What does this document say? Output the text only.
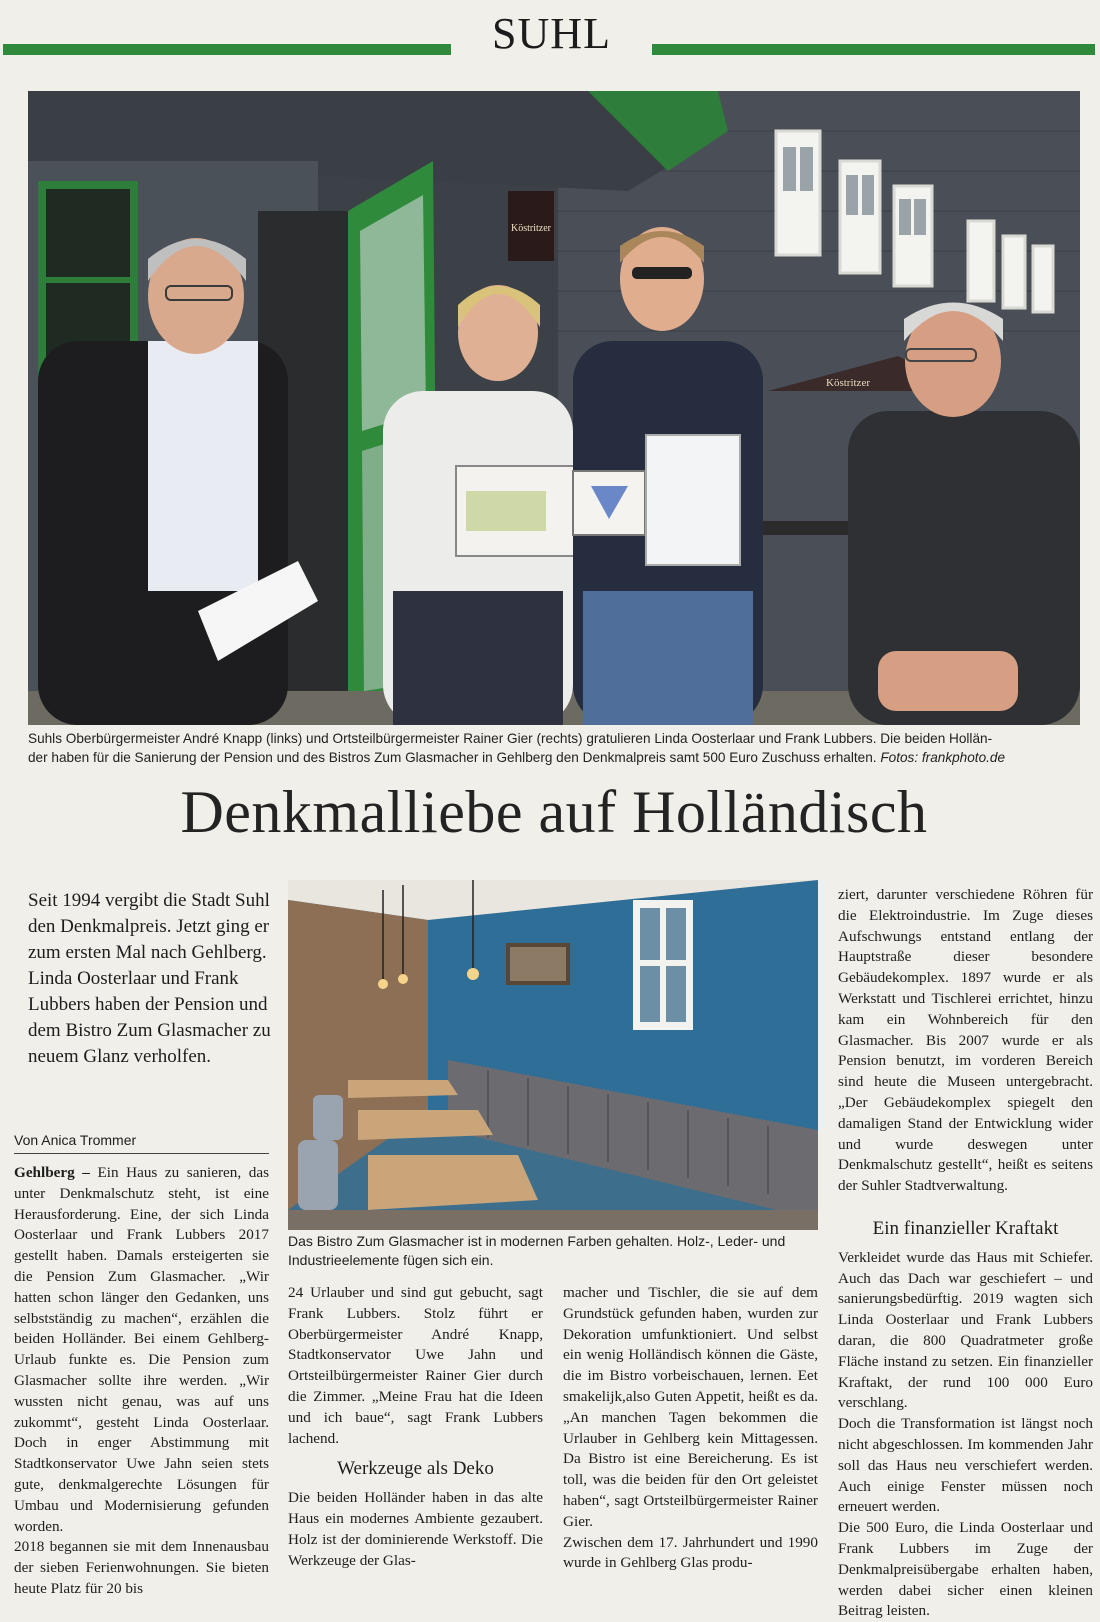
SUHL
Köstritzer
Köstritzer
Suhls Oberbürgermeister André Knapp (links) und Ortsteilbürgermeister Rainer Gier (rechts) gratulieren Linda Oosterlaar und Frank Lubbers. Die beiden Hollän-
der haben für die Sanierung der Pension und des Bistros Zum Glasmacher in Gehlberg den Denkmalpreis samt 500 Euro Zuschuss erhalten. Fotos: frankphoto.de
Denkmalliebe auf Holländisch
Seit 1994 vergibt die Stadt Suhl den Denkmalpreis. Jetzt ging er zum ersten Mal nach Gehlberg. Linda Oosterlaar und Frank Lubbers haben der Pension und dem Bistro Zum Glasmacher zu neuem Glanz verholfen.
Von Anica Trommer

Gehlberg – Ein Haus zu sanieren, das unter Denkmalschutz steht, ist eine Herausforderung. Eine, der sich Linda Oosterlaar und Frank Lubbers 2017 gestellt haben. Damals ersteigerten sie die Pension Zum Glasmacher. „Wir hatten schon länger den Gedanken, uns selbstständig zu machen“, erzählen die beiden Holländer. Bei einem Gehlberg-Urlaub funkte es. Die Pension zum Glasmacher sollte ihre werden. „Wir wussten nicht genau, was auf uns zukommt“, gesteht Linda Oosterlaar. Doch in enger Abstimmung mit Stadtkonservator Uwe Jahn seien stets gute, denkmalgerechte Lösungen für Umbau und Modernisierung gefunden worden.

2018 begannen sie mit dem Innenausbau der sieben Ferienwohnungen. Sie bieten heute Platz für 20 bis

Das Bistro Zum Glasmacher ist in modernen Farben gehalten. Holz-, Leder- und Industrieelemente fügen sich ein.

24 Urlauber und sind gut gebucht, sagt Frank Lubbers. Stolz führt er Oberbürgermeister André Knapp, Stadtkonservator Uwe Jahn und Ortsteilbürgermeister Rainer Gier durch die Zimmer. „Meine Frau hat die Ideen und ich baue“, sagt Frank Lubbers lachend.

Werkzeuge als Deko

Die beiden Holländer haben in das alte Haus ein modernes Ambiente gezaubert. Holz ist der dominierende Werkstoff. Die Werkzeuge der Glas-

macher und Tischler, die sie auf dem Grundstück gefunden haben, wurden zur Dekoration umfunktioniert. Und selbst ein wenig Holländisch können die Gäste, die im Bistro vorbeischauen, lernen. Eet smakelijk,also Guten Appetit, heißt es da. „An manchen Tagen bekommen die Urlauber in Gehlberg kein Mittagessen. Da Bistro ist eine Bereicherung. Es ist toll, was die beiden für den Ort geleistet haben“, sagt Ortsteilbürgermeister Rainer Gier.

Zwischen dem 17. Jahrhundert und 1990 wurde in Gehlberg Glas produ-

ziert, darunter verschiedene Röhren für die Elektroindustrie. Im Zuge dieses Aufschwungs entstand entlang der Hauptstraße dieser besondere Gebäudekomplex. 1897 wurde er als Werkstatt und Tischlerei errichtet, hinzu kam ein Wohnbereich für den Glasmacher. Bis 2007 wurde er als Pension benutzt, im vorderen Bereich sind heute die Museen untergebracht. „Der Gebäudekomplex spiegelt den damaligen Stand der Entwicklung wider und wurde deswegen unter Denkmalschutz gestellt“, heißt es seitens der Suhler Stadtverwaltung.

Ein finanzieller Kraftakt

Verkleidet wurde das Haus mit Schiefer. Auch das Dach war geschiefert – und sanierungsbedürftig. 2019 wagten sich Linda Oosterlaar und Frank Lubbers daran, die 800 Quadratmeter große Fläche instand zu setzen. Ein finanzieller Kraftakt, der rund 100 000 Euro verschlang.

Doch die Transformation ist längst noch nicht abgeschlossen. Im kommenden Jahr soll das Haus neu verschiefert werden. Auch einige Fenster müssen noch erneuert werden.

Die 500 Euro, die Linda Oosterlaar und Frank Lubbers im Zuge der Denkmalpreisübergabe erhalten haben, werden dabei sicher einen kleinen Beitrag leisten.
